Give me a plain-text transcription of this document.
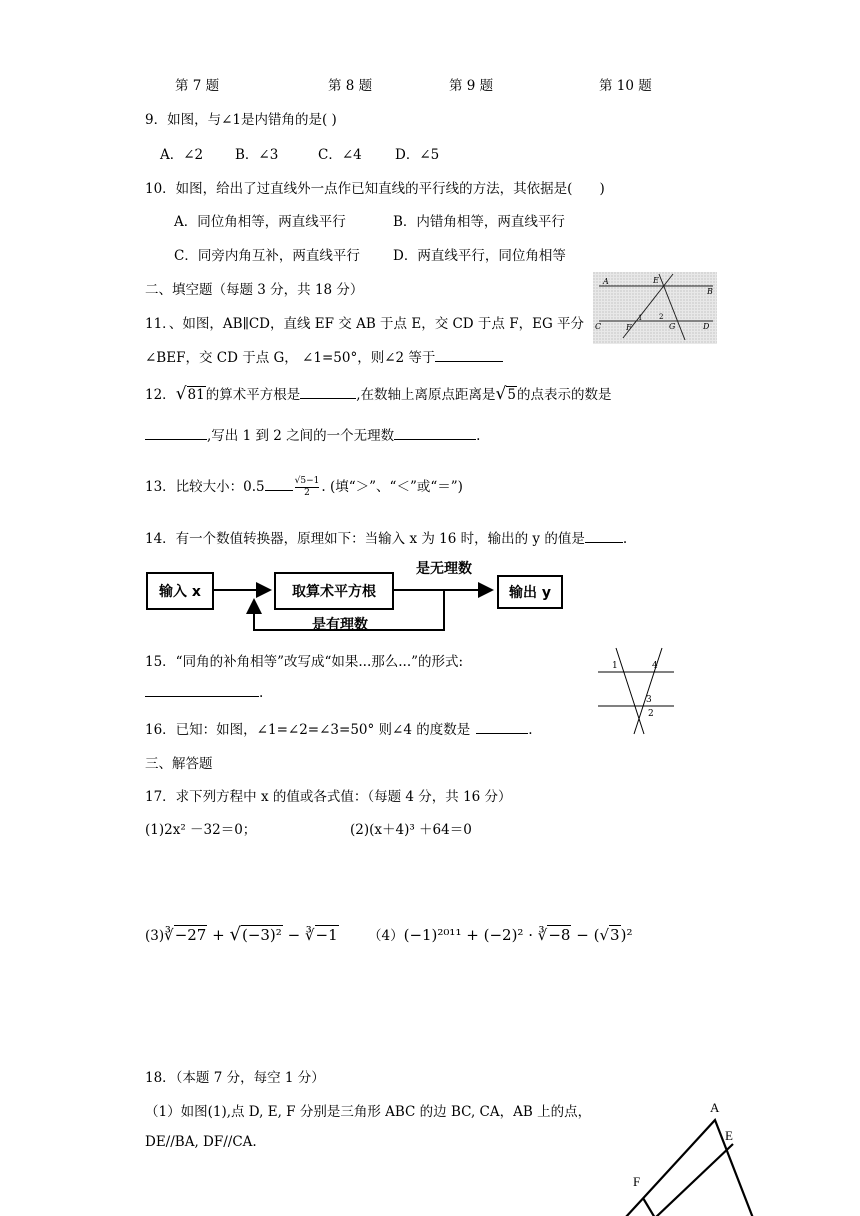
第 7 题	第 8 题	第 9 题	第 10 题
9．如图，与∠1是内错角的是( )
A．∠2 B．∠3	C．∠4 D．∠5
10．如图，给出了过直线外一点作已知直线的平行线的方法，其依据是(　　)
A．同位角相等，两直线平行	B．内错角相等，两直线平行
C．同旁内角互补，两直线平行 D．两直线平行，同位角相等
二、填空题（每题 3 分，共 18 分）
A	E
B
C	F
1 2
G	D
11．、如图，AB∥CD，直线 EF 交 AB 于点 E，交 CD 于点 F，EG 平分
∠BEF，交 CD 于点 G， ∠1=50°，则∠2 等于
12．√81的算术平方根是	,在数轴上离原点距离是√5的点表示的数是
,写出 1 到 2 之间的一个无理数	.
13．比较大小：0.5	$\frac{√5-1}{2}$ . (填“＞”、“＜”或“＝”)
14．有一个数值转换器，原理如下：当输入 x 为 16 时，输出的 y 的值是	.
输入 x	取算术平方根	输出 y
是无理数
是有理数
15．“同角的补角相等”改写成“如果...那么...”的形式:
.
1	4
3
2
16．已知：如图，∠1=∠2=∠3=50° 则∠4 的度数是	.
三、解答题
17．求下列方程中 x 的值或各式值：（每题 4 分，共 16 分）
(1)2x² －32＝0；	(2)(x＋4)³ ＋64＝0
(3)∛−27 + √(−3)² − ∛−1 （4）(−1)²⁰¹¹ + (−2)² · ∛−8 − (√3)²
18．（本题 7 分，每空 1 分）
（1）如图(1),点 D, E, F 分别是三角形 ABC 的边 BC, CA，AB 上的点，
DE//BA, DF//CA.
A
E
F
